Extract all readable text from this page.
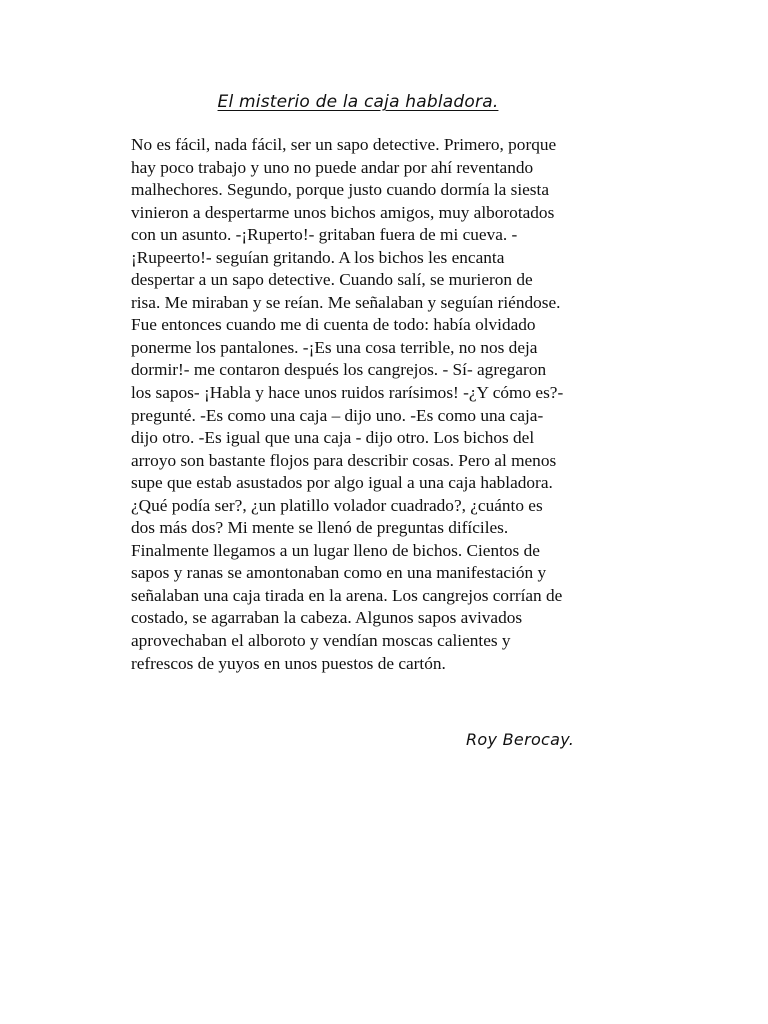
El misterio de la caja habladora.
No es fácil, nada fácil, ser un sapo detective. Primero, porque
hay poco trabajo y uno no puede andar por ahí reventando
malhechores. Segundo, porque justo cuando dormía la siesta
vinieron a despertarme unos bichos amigos, muy alborotados
con un asunto. -¡Ruperto!- gritaban fuera de mi cueva. -
¡Rupeerto!- seguían gritando. A los bichos les encanta
despertar a un sapo detective. Cuando salí, se murieron de
risa. Me miraban y se reían. Me señalaban y seguían riéndose.
Fue entonces cuando me di cuenta de todo: había olvidado
ponerme los pantalones. -¡Es una cosa terrible, no nos deja
dormir!- me contaron después los cangrejos. - Sí- agregaron
los sapos- ¡Habla y hace unos ruidos rarísimos! -¿Y cómo es?-
pregunté. -Es como una caja – dijo uno. -Es como una caja-
dijo otro. -Es igual que una caja - dijo otro. Los bichos del
arroyo son bastante flojos para describir cosas. Pero al menos
supe que estab asustados por algo igual a una caja habladora.
¿Qué podía ser?, ¿un platillo volador cuadrado?, ¿cuánto es
dos más dos? Mi mente se llenó de preguntas difíciles.
Finalmente llegamos a un lugar lleno de bichos. Cientos de
sapos y ranas se amontonaban como en una manifestación y
señalaban una caja tirada en la arena. Los cangrejos corrían de
costado, se agarraban la cabeza. Algunos sapos avivados
aprovechaban el alboroto y vendían moscas calientes y
refrescos de yuyos en unos puestos de cartón.

Roy Berocay.
